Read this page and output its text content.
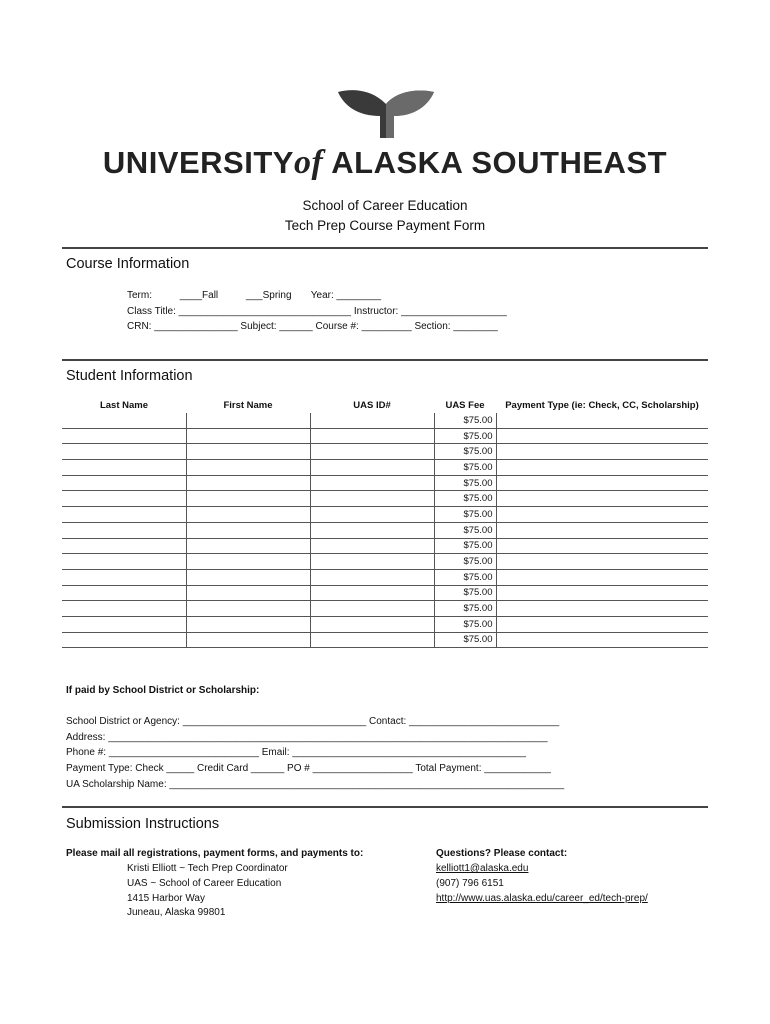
UNIVERSITYof ALASKA SOUTHEAST
School of Career Education
Tech Prep Course Payment Form
Course Information
Term:          ____Fall          ___Spring       Year: ________
Class Title: _______________________________ Instructor: ___________________
CRN: _______________ Subject: ______ Course #: _________ Section: ________
Student Information
Last Name	First Name	UAS ID#	UAS Fee	Payment Type (ie: Check, CC, Scholarship)
			$75.00	
			$75.00	
			$75.00	
			$75.00	
			$75.00	
			$75.00	
			$75.00	
			$75.00	
			$75.00	
			$75.00	
			$75.00	
			$75.00	
			$75.00	
			$75.00	
			$75.00	
If paid by School District or Scholarship:
School District or Agency: _________________________________ Contact: ___________________________
Address: _______________________________________________________________________________
Phone #: ___________________________ Email: __________________________________________
Payment Type: Check _____ Credit Card ______ PO # __________________ Total Payment: ____________
UA Scholarship Name: _______________________________________________________________________
Submission Instructions
Please mail all registrations, payment forms, and payments to:
Kristi Elliott ~ Tech Prep Coordinator
UAS ~ School of Career Education
1415 Harbor Way
Juneau, Alaska 99801
Questions? Please contact:
kelliott1@alaska.edu
(907) 796 6151
http://www.uas.alaska.edu/career_ed/tech-prep/
